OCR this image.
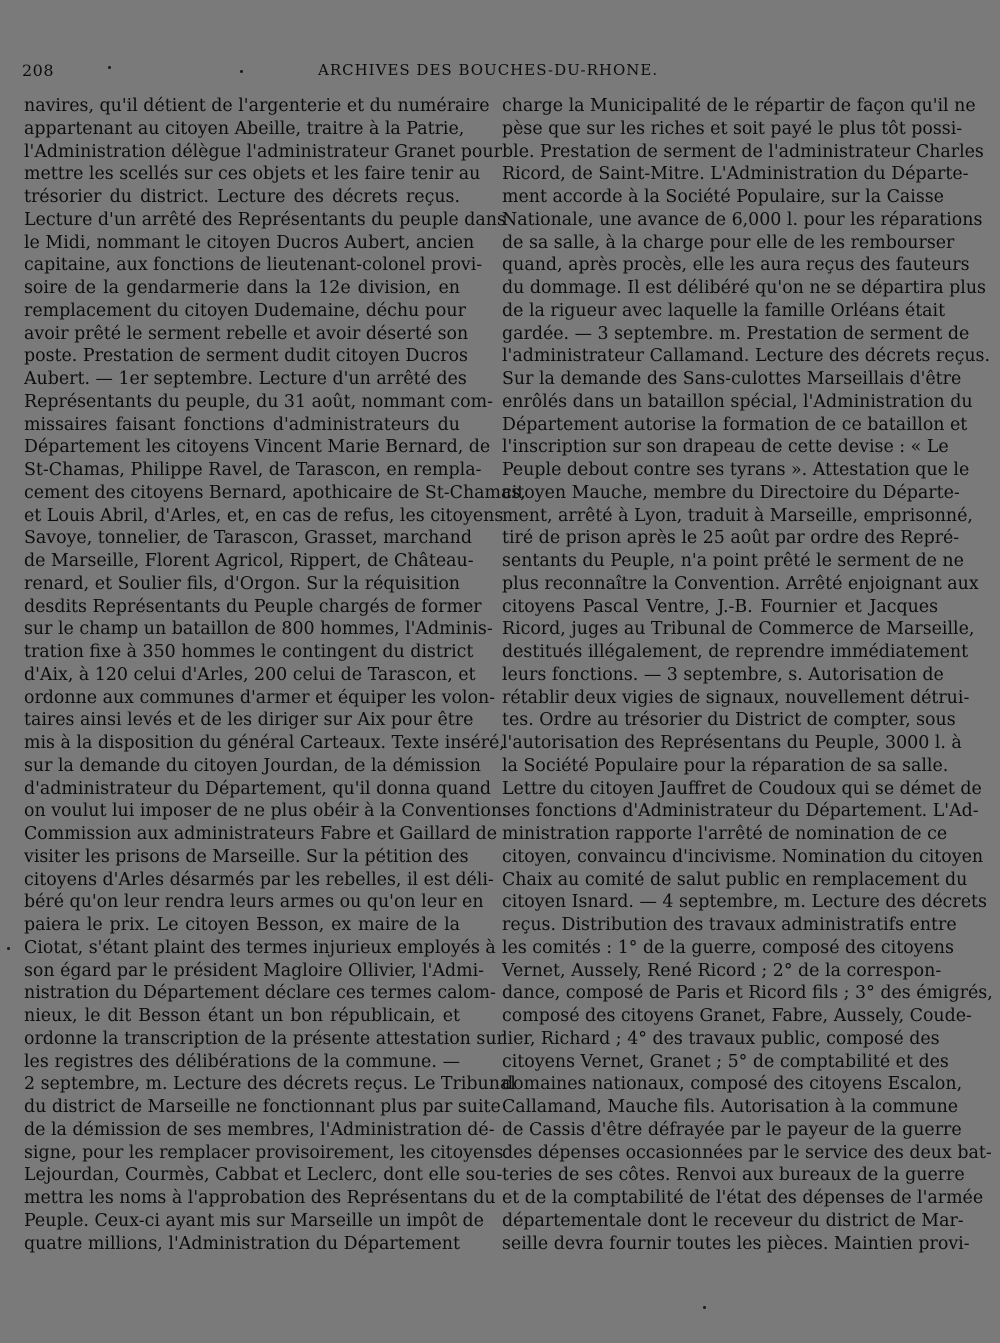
208	ARCHIVES DES BOUCHES-DU-RHONE.
navires, qu'il détient de l'argenterie et du numéraire
appartenant au citoyen Abeille, traitre à la Patrie,
l'Administration délègue l'administrateur Granet pour
mettre les scellés sur ces objets et les faire tenir au
trésorier du district. Lecture des décrets reçus.
Lecture d'un arrêté des Représentants du peuple dans
le Midi, nommant le citoyen Ducros Aubert, ancien
capitaine, aux fonctions de lieutenant-colonel provi-
soire de la gendarmerie dans la 12e division, en
remplacement du citoyen Dudemaine, déchu pour
avoir prêté le serment rebelle et avoir déserté son
poste. Prestation de serment dudit citoyen Ducros
Aubert. — 1er septembre. Lecture d'un arrêté des
Représentants du peuple, du 31 août, nommant com-
missaires faisant fonctions d'administrateurs du
Département les citoyens Vincent Marie Bernard, de
St-Chamas, Philippe Ravel, de Tarascon, en rempla-
cement des citoyens Bernard, apothicaire de St-Chamas,
et Louis Abril, d'Arles, et, en cas de refus, les citoyens
Savoye, tonnelier, de Tarascon, Grasset, marchand
de Marseille, Florent Agricol, Rippert, de Château-
renard, et Soulier fils, d'Orgon. Sur la réquisition
desdits Représentants du Peuple chargés de former
sur le champ un bataillon de 800 hommes, l'Adminis-
tration fixe à 350 hommes le contingent du district
d'Aix, à 120 celui d'Arles, 200 celui de Tarascon, et
ordonne aux communes d'armer et équiper les volon-
taires ainsi levés et de les diriger sur Aix pour être
mis à la disposition du général Carteaux. Texte inséré,
sur la demande du citoyen Jourdan, de la démission
d'administrateur du Département, qu'il donna quand
on voulut lui imposer de ne plus obéir à la Convention.
Commission aux administrateurs Fabre et Gaillard de
visiter les prisons de Marseille. Sur la pétition des
citoyens d'Arles désarmés par les rebelles, il est déli-
béré qu'on leur rendra leurs armes ou qu'on leur en
paiera le prix. Le citoyen Besson, ex maire de la
Ciotat, s'étant plaint des termes injurieux employés à
son égard par le président Magloire Ollivier, l'Admi-
nistration du Département déclare ces termes calom-
nieux, le dit Besson étant un bon républicain, et
ordonne la transcription de la présente attestation sur
les registres des délibérations de la commune. —
2 septembre, m. Lecture des décrets reçus. Le Tribunal
du district de Marseille ne fonctionnant plus par suite
de la démission de ses membres, l'Administration dé-
signe, pour les remplacer provisoirement, les citoyens
Lejourdan, Courmès, Cabbat et Leclerc, dont elle sou-
mettra les noms à l'approbation des Représentans du
Peuple. Ceux-ci ayant mis sur Marseille un impôt de
quatre millions, l'Administration du Département
charge la Municipalité de le répartir de façon qu'il ne
pèse que sur les riches et soit payé le plus tôt possi-
ble. Prestation de serment de l'administrateur Charles
Ricord, de Saint-Mitre. L'Administration du Départe-
ment accorde à la Société Populaire, sur la Caisse
Nationale, une avance de 6,000 l. pour les réparations
de sa salle, à la charge pour elle de les rembourser
quand, après procès, elle les aura reçus des fauteurs
du dommage. Il est délibéré qu'on ne se départira plus
de la rigueur avec laquelle la famille Orléans était
gardée. — 3 septembre. m. Prestation de serment de
l'administrateur Callamand. Lecture des décrets reçus.
Sur la demande des Sans-culottes Marseillais d'être
enrôlés dans un bataillon spécial, l'Administration du
Département autorise la formation de ce bataillon et
l'inscription sur son drapeau de cette devise : « Le
Peuple debout contre ses tyrans ». Attestation que le
citoyen Mauche, membre du Directoire du Départe-
ment, arrêté à Lyon, traduit à Marseille, emprisonné,
tiré de prison après le 25 août par ordre des Repré-
sentants du Peuple, n'a point prêté le serment de ne
plus reconnaître la Convention. Arrêté enjoignant aux
citoyens Pascal Ventre, J.-B. Fournier et Jacques
Ricord, juges au Tribunal de Commerce de Marseille,
destitués illégalement, de reprendre immédiatement
leurs fonctions. — 3 septembre, s. Autorisation de
rétablir deux vigies de signaux, nouvellement détrui-
tes. Ordre au trésorier du District de compter, sous
l'autorisation des Représentans du Peuple, 3000 l. à
la Société Populaire pour la réparation de sa salle.
Lettre du citoyen Jauffret de Coudoux qui se démet de
ses fonctions d'Administrateur du Département. L'Ad-
ministration rapporte l'arrêté de nomination de ce
citoyen, convaincu d'incivisme. Nomination du citoyen
Chaix au comité de salut public en remplacement du
citoyen Isnard. — 4 septembre, m. Lecture des décrets
reçus. Distribution des travaux administratifs entre
les comités : 1° de la guerre, composé des citoyens
Vernet, Aussely, René Ricord ; 2° de la correspon-
dance, composé de Paris et Ricord fils ; 3° des émigrés,
composé des citoyens Granet, Fabre, Aussely, Coude-
lier, Richard ; 4° des travaux public, composé des
citoyens Vernet, Granet ; 5° de comptabilité et des
domaines nationaux, composé des citoyens Escalon,
Callamand, Mauche fils. Autorisation à la commune
de Cassis d'être défrayée par le payeur de la guerre
des dépenses occasionnées par le service des deux bat-
teries de ses côtes. Renvoi aux bureaux de la guerre
et de la comptabilité de l'état des dépenses de l'armée
départementale dont le receveur du district de Mar-
seille devra fournir toutes les pièces. Maintien provi-
